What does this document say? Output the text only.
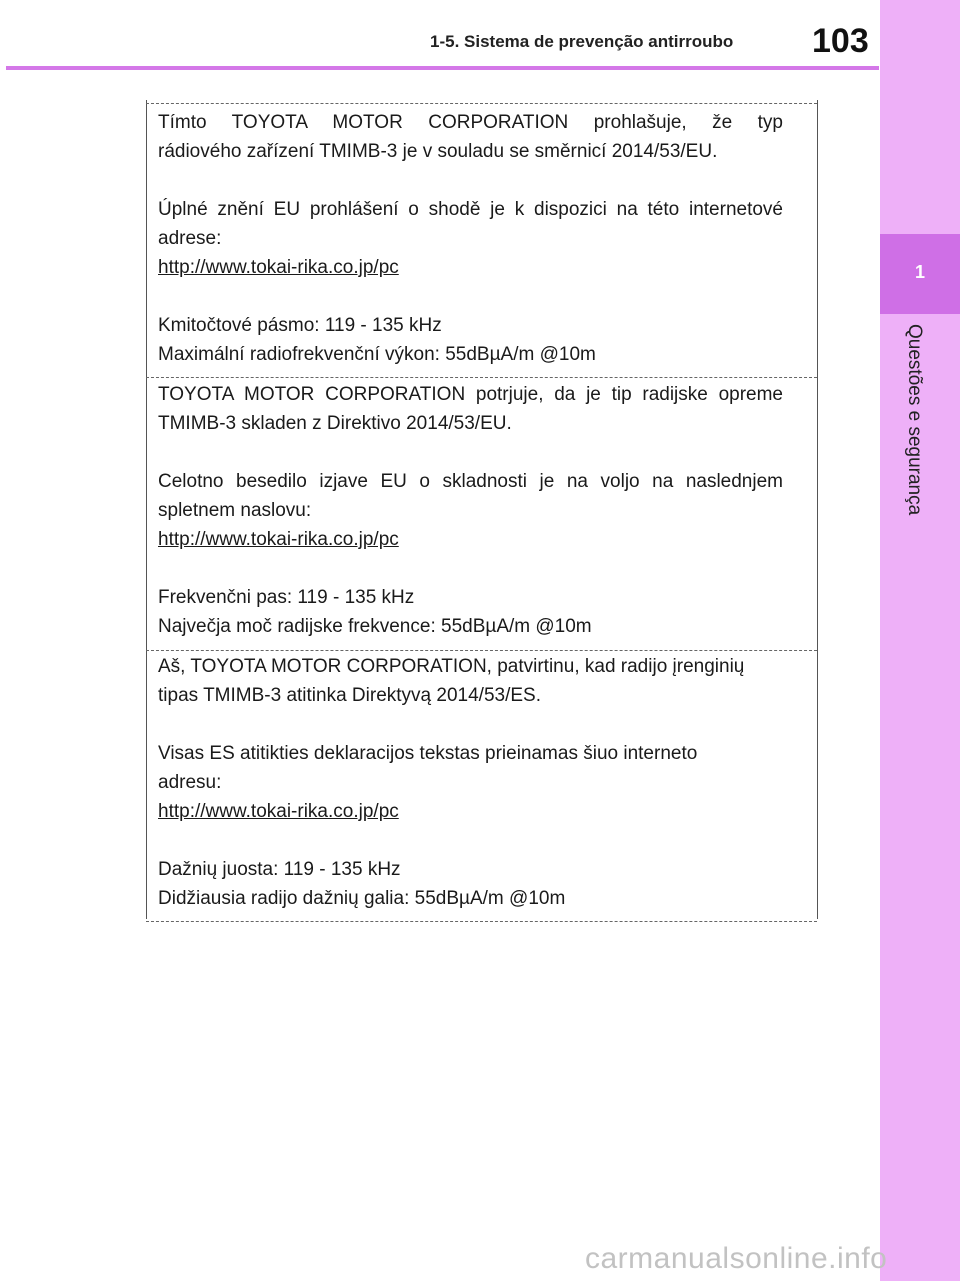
1
Questões e segurança
1-5. Sistema de prevenção antirroubo	103

Tímto TOYOTA MOTOR CORPORATION prohlašuje, že typ

rádiového zařízení TMIMB-3 je v souladu se směrnicí 2014/53/EU.

Úplné znění EU prohlášení o shodě je k dispozici na této internetové

adrese:

http://www.tokai-rika.co.jp/pc

Kmitočtové pásmo: 119 - 135 kHz

Maximální radiofrekvenční výkon: 55dBµA/m @10m

TOYOTA MOTOR CORPORATION potrjuje, da je tip radijske opreme

TMIMB-3 skladen z Direktivo 2014/53/EU.

Celotno besedilo izjave EU o skladnosti je na voljo na naslednjem

spletnem naslovu:

http://www.tokai-rika.co.jp/pc

Frekvenčni pas: 119 - 135 kHz

Največja moč radijske frekvence: 55dBµA/m @10m

Aš, TOYOTA MOTOR CORPORATION, patvirtinu, kad radijo įrenginių

tipas TMIMB-3 atitinka Direktyvą 2014/53/ES.

Visas ES atitikties deklaracijos tekstas prieinamas šiuo interneto

adresu:

http://www.tokai-rika.co.jp/pc

Dažnių juosta: 119 - 135 kHz

Didžiausia radijo dažnių galia: 55dBµA/m @10m

carmanualsonline.info
